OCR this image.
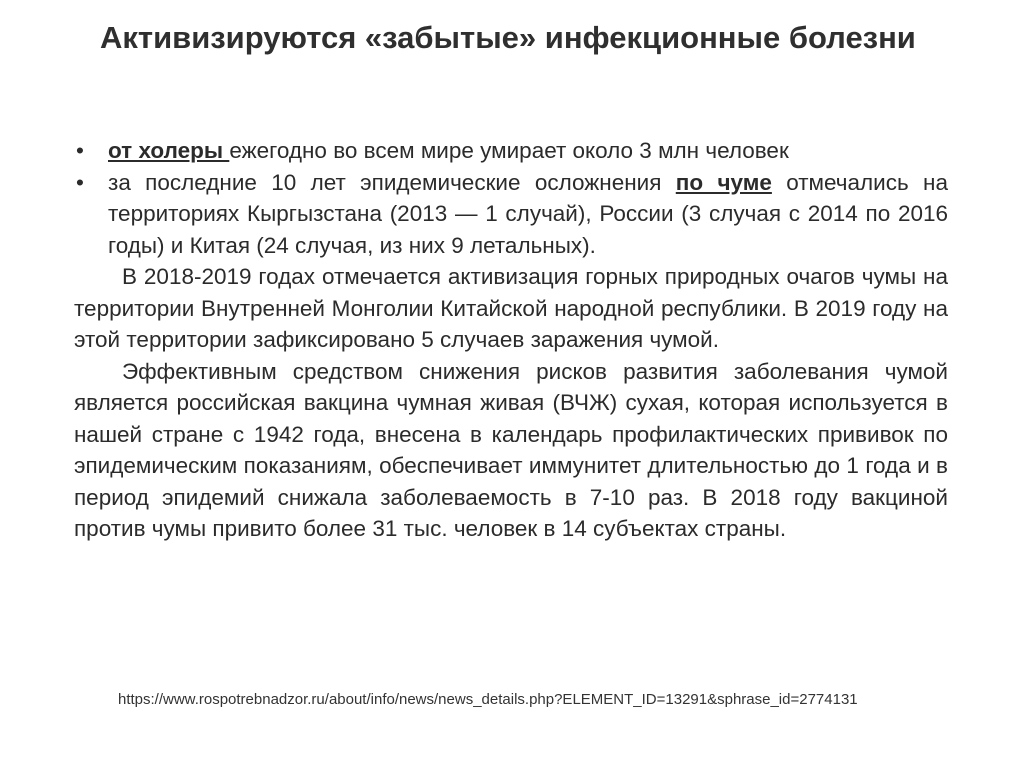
Активизируются «забытые» инфекционные болезни
• от холеры ежегодно во всем мире умирает около 3 млн человек
• за последние 10 лет эпидемические осложнения по чуме отмечались на территориях Кыргызстана (2013 — 1 случай), России (3 случая с 2014 по 2016 годы) и Китая (24 случая, из них 9 летальных).

В 2018-2019 годах отмечается активизация горных природных очагов чумы на территории Внутренней Монголии Китайской народной республики. В 2019 году на этой территории зафиксировано 5 случаев заражения чумой.

Эффективным средством снижения рисков развития заболевания чумой является российская вакцина чумная живая (ВЧЖ) сухая, которая используется в нашей стране с 1942 года, внесена в календарь профилактических прививок по эпидемическим показаниям, обеспечивает иммунитет длительностью до 1 года и в период эпидемий снижала заболеваемость в 7-10 раз. В 2018 году вакциной против чумы привито более 31 тыс. человек в 14 субъектах страны.

https://www.rospotrebnadzor.ru/about/info/news/news_details.php?ELEMENT_ID=13291&sphrase_id=2774131
